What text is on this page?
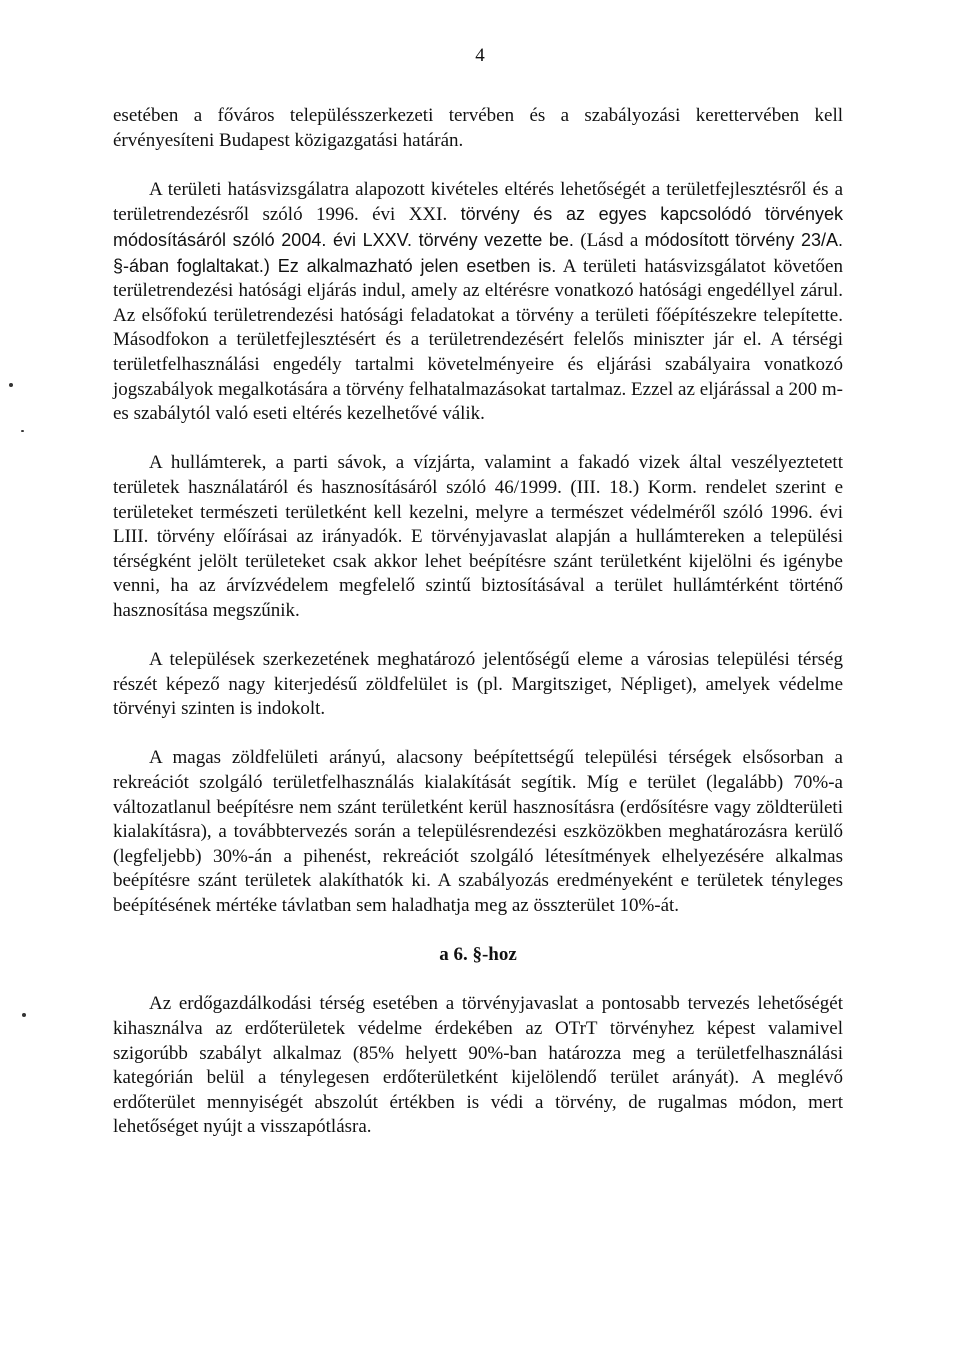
4

esetében a főváros településszerkezeti tervében és a szabályozási kerettervében kell érvényesíteni Budapest közigazgatási határán.

A területi hatásvizsgálatra alapozott kivételes eltérés lehetőségét a területfejlesztésről és a területrendezésről szóló 1996. évi XXI. törvény és az egyes kapcsolódó törvények módosításáról szóló 2004. évi LXXV. törvény vezette be. (Lásd a módosított törvény 23/A. §-ában foglaltakat.) Ez alkalmazható jelen esetben is. A területi hatásvizsgálatot követően területrendezési hatósági eljárás indul, amely az eltérésre vonatkozó hatósági engedéllyel zárul. Az elsőfokú területrendezési hatósági feladatokat a törvény a területi főépítészekre telepítette. Másodfokon a területfejlesztésért és a területrendezésért felelős miniszter jár el. A térségi területfelhasználási engedély tartalmi követelményeire és eljárási szabályaira vonatkozó jogszabályok megalkotására a törvény felhatalmazásokat tartalmaz. Ezzel az eljárással a 200 m-es szabálytól való eseti eltérés kezelhetővé válik.

A hullámterek, a parti sávok, a vízjárta, valamint a fakadó vizek által veszélyeztetett területek használatáról és hasznosításáról szóló 46/1999. (III. 18.) Korm. rendelet szerint e területeket természeti területként kell kezelni, melyre a természet védelméről szóló 1996. évi LIII. törvény előírásai az irányadók. E törvényjavaslat alapján a hullámtereken a települési térségként jelölt területeket csak akkor lehet beépítésre szánt területként kijelölni és igénybe venni, ha az árvízvédelem megfelelő szintű biztosításával a terület hullámtérként történő hasznosítása megszűnik.

A települések szerkezetének meghatározó jelentőségű eleme a városias települési térség részét képező nagy kiterjedésű zöldfelület is (pl. Margitsziget, Népliget), amelyek védelme törvényi szinten is indokolt.

A magas zöldfelületi arányú, alacsony beépítettségű települési térségek elsősorban a rekreációt szolgáló területfelhasználás kialakítását segítik. Míg e terület (legalább) 70%-a változatlanul beépítésre nem szánt területként kerül hasznosításra (erdősítésre vagy zöldterületi kialakításra), a továbbtervezés során a településrendezési eszközökben meghatározásra kerülő (legfeljebb) 30%-án a pihenést, rekreációt szolgáló létesítmények elhelyezésére alkalmas beépítésre szánt területek alakíthatók ki. A szabályozás eredményeként e területek tényleges beépítésének mértéke távlatban sem haladhatja meg az összterület 10%-át.

a 6. §-hoz

Az erdőgazdálkodási térség esetében a törvényjavaslat a pontosabb tervezés lehetőségét kihasználva az erdőterületek védelme érdekében az OTrT törvényhez képest valamivel szigorúbb szabályt alkalmaz (85% helyett 90%-ban határozza meg a területfelhasználási kategórián belül a ténylegesen erdőterületként kijelölendő terület arányát). A meglévő erdőterület mennyiségét abszolút értékben is védi a törvény, de rugalmas módon, mert lehetőséget nyújt a visszapótlásra.
